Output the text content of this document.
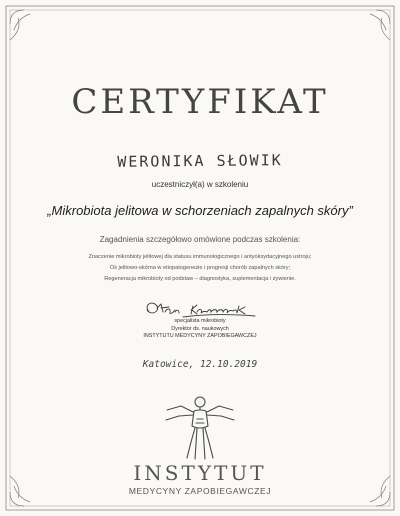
CERTYFIKAT
WERONIKA SŁOWIK
uczestniczył(a) w szkoleniu
„Mikrobiota jelitowa w schorzeniach zapalnych skóry”
Zagadnienia szczegółowo omówione podczas szkolenia:
Znaczenie mikrobioty jelitowej dla statusu immunologicznego i antyoksydacyjnego ustroju;
Oś jelitowo-skórna w etiopatogenezie i progresji chorób zapalnych skóry;
Regeneracja mikrobioty od podstaw – diagnostyka, suplementacja i żywienie.
specjalista mikrobioty
Dyrektor ds. naukowych
INSTYTUTU MEDYCYNY ZAPOBIEGAWCZEJ
Katowice, 12.10.2019
INSTYTUT
MEDYCYNY ZAPOBIEGAWCZEJ
